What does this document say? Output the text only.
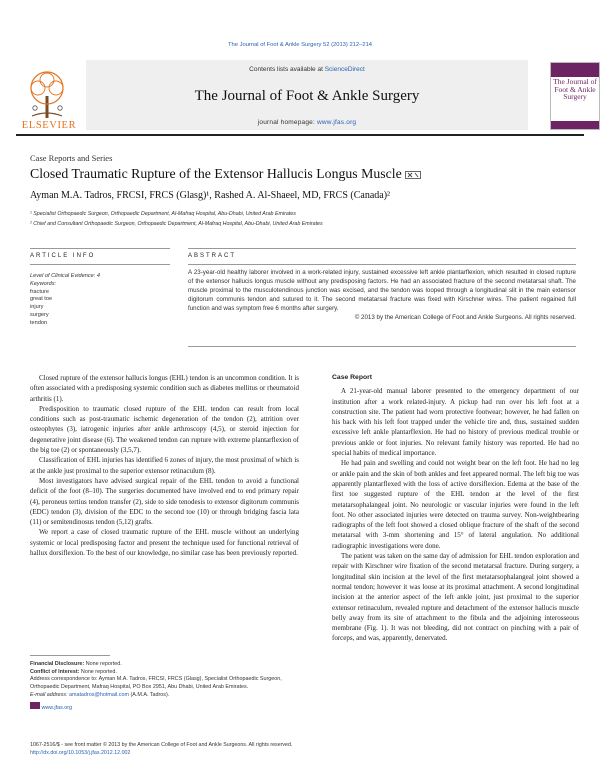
The Journal of Foot & Ankle Surgery 52 (2013) 212–214
ELSEVIER
Contents lists available at ScienceDirect
The Journal of Foot & Ankle Surgery
journal homepage: www.jfas.org
The Journal of Foot & Ankle Surgery
Case Reports and Series
Closed Traumatic Rupture of the Extensor Hallucis Longus Muscle
Ayman M.A. Tadros, FRCSI, FRCS (Glasg)¹, Rashed A. Al-Shaeel, MD, FRCS (Canada)²
¹ Specialist Orthopaedic Surgeon, Orthopaedic Department, Al-Mafraq Hospital, Abu-Dhabi, United Arab Emirates
² Chief and Consultant Orthopaedic Surgeon, Orthopaedic Department, Al-Mafraq Hospital, Abu-Dhabi, United Arab Emirates
ARTICLE INFO	ABSTRACT
Level of Clinical Evidence: 4
Keywords:
fracture
great toe
injury
surgery
tendon
A 23-year-old healthy laborer involved in a work-related injury, sustained excessive left ankle plantarflexion, which resulted in closed rupture of the extensor hallucis longus muscle without any predisposing factors. He had an associated fracture of the second metatarsal shaft. The muscle proximal to the musculotendinous junction was excised, and the tendon was looped through a longitudinal slit in the main extensor digitorum communis tendon and sutured to it. The second metatarsal fracture was fixed with Kirschner wires. The patient regained full function and was symptom free 6 months after surgery.
© 2013 by the American College of Foot and Ankle Surgeons. All rights reserved.

Closed rupture of the extensor hallucis longus (EHL) tendon is an uncommon condition. It is often associated with a predisposing systemic condition such as diabetes mellitus or rheumatoid arthritis (1).

Predisposition to traumatic closed rupture of the EHL tendon can result from local conditions such as post-traumatic ischemic degeneration of the tendon (2), attrition over osteophytes (3), iatrogenic injuries after ankle arthroscopy (4,5), or steroid injection for degenerative joint disease (6). The weakened tendon can rupture with extreme plantarflexion of the big toe (2) or spontaneously (3,5,7).

Classification of EHL injuries has identified 6 zones of injury, the most proximal of which is at the ankle just proximal to the superior extensor retinaculum (8).

Most investigators have advised surgical repair of the EHL tendon to avoid a functional deficit of the foot (8–10). The surgeries documented have involved end to end primary repair (4), peroneus tertius tendon transfer (2), side to side tenodesis to extensor digitorum communis (EDC) tendon (3), division of the EDC to the second toe (10) or through bridging fascia lata (11) or semitendinosus tendon (5,12) grafts.

We report a case of closed traumatic rupture of the EHL muscle without an underlying systemic or local predisposing factor and present the technique used for functional retrieval of hallux dorsiflexion. To the best of our knowledge, no similar case has been previously reported.

Case Report

A 21-year-old manual laborer presented to the emergency department of our institution after a work related-injury. A pickup had run over his left foot at a construction site. The patient had worn protective footwear; however, he had fallen on his back with his left foot trapped under the vehicle tire and, thus, sustained sudden excessive left ankle plantarflexion. He had no history of previous medical trouble or previous ankle or foot injuries. No relevant family history was reported. He had no special habits of medical importance.

He had pain and swelling and could not weight bear on the left foot. He had no leg or ankle pain and the skin of both ankles and feet appeared normal. The left big toe was apparently plantarflexed with the loss of active dorsiflexion. Edema at the base of the first toe suggested rupture of the EHL tendon at the level of the first metatarsophalangeal joint. No neurologic or vascular injuries were found in the left foot. No other associated injuries were detected on trauma survey. Non-weightbearing radiographs of the left foot showed a closed oblique fracture of the shaft of the second metatarsal with 3-mm shortening and 15° of lateral angulation. No additional radiographic investigations were done.

The patient was taken on the same day of admission for EHL tendon exploration and repair with Kirschner wire fixation of the second metatarsal fracture. During surgery, a longitudinal skin incision at the level of the first metatarsophalangeal joint showed a normal tendon; however it was loose at its proximal attachment. A second longitudinal incision at the anterior aspect of the left ankle joint, just proximal to the superior extensor retinaculum, revealed rupture and detachment of the extensor hallucis muscle belly away from its site of attachment to the fibula and the adjoining interosseous membrane (Fig. 1). It was not bleeding, did not contract on pinching with a pair of forceps, and was, apparently, denervated.

Financial Disclosure: None reported.
Conflict of Interest: None reported.
Address correspondence to: Ayman M.A. Tadros, FRCSI, FRCS (Glasg), Specialist Orthopaedic Surgeon, Orthopaedic Department, Mafraq Hospital, PO Box 2951, Abu Dhabi, United Arab Emirates.
E-mail address: amatadros@hotmail.com (A.M.A. Tadros).
www.jfas.org
1067-2516/$ - see front matter © 2013 by the American College of Foot and Ankle Surgeons. All rights reserved.
http://dx.doi.org/10.1053/j.jfas.2012.12.002
